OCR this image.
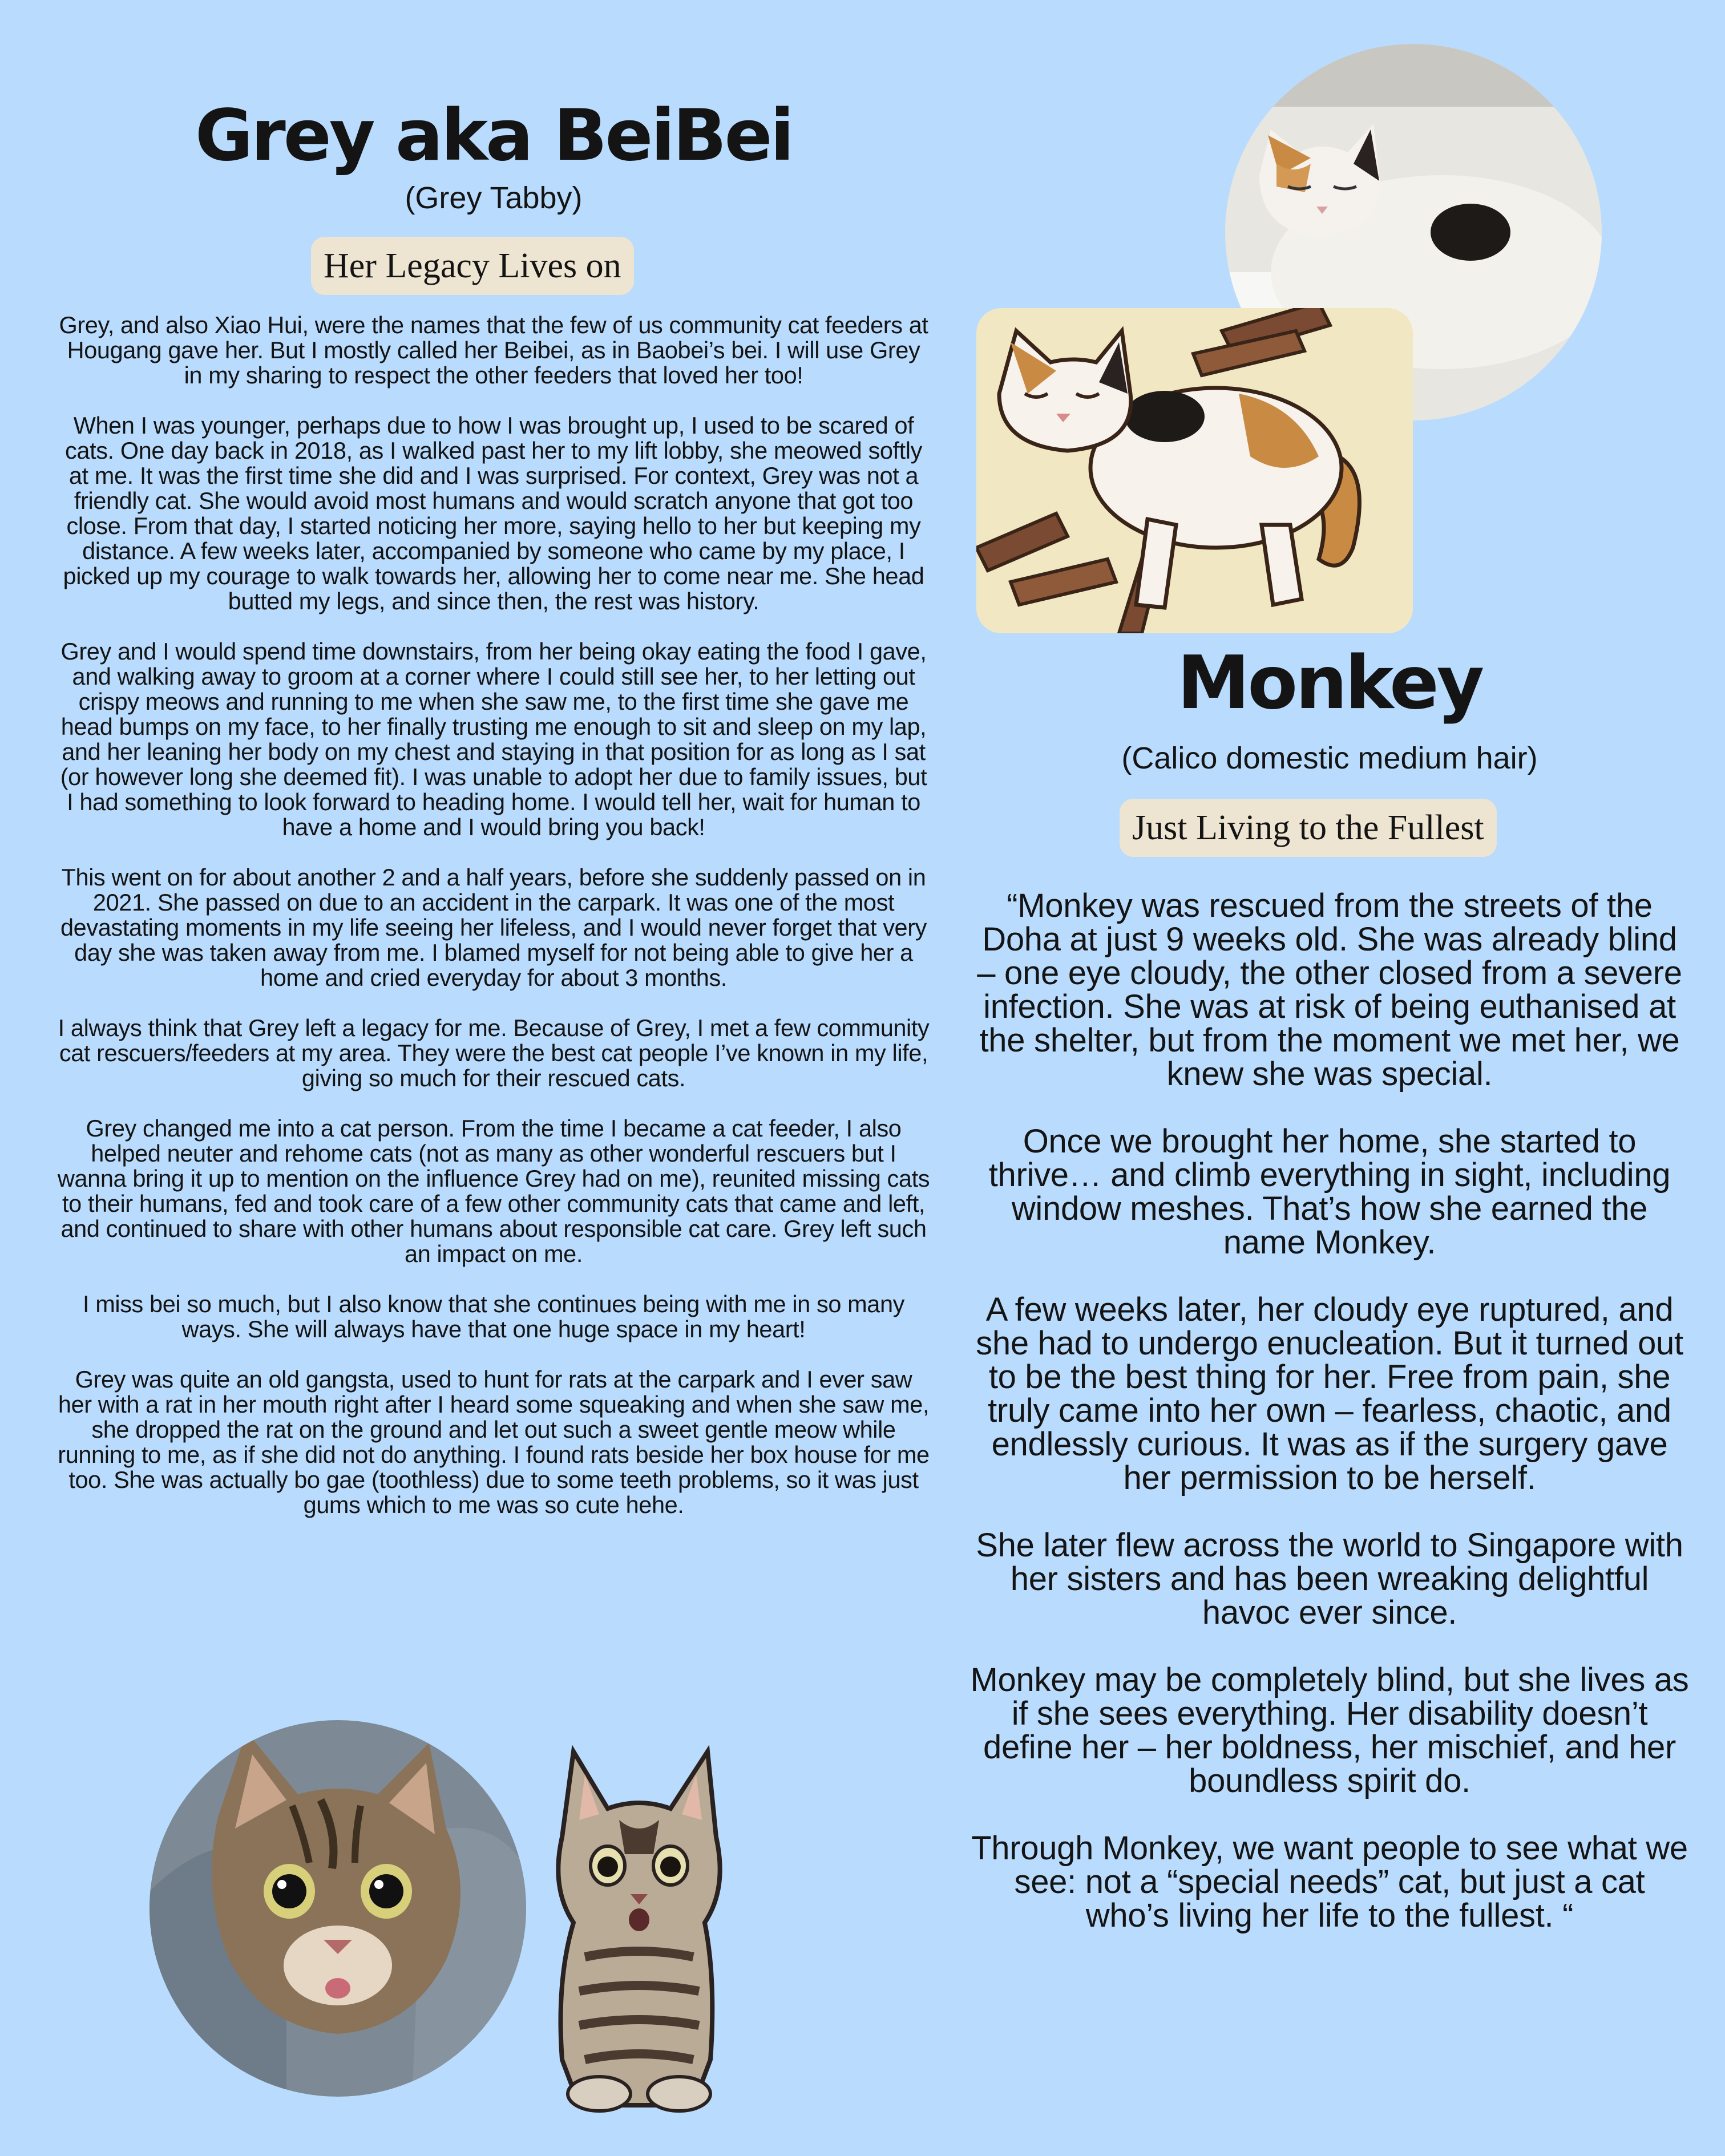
Grey aka BeiBei
(Grey Tabby)
Her Legacy Lives on

Grey, and also Xiao Hui, were the names that the few of us community cat feeders at Hougang gave her. But I mostly called her Beibei, as in Baobei’s bei. I will use Grey in my sharing to respect the other feeders that loved her too!

When I was younger, perhaps due to how I was brought up, I used to be scared of cats. One day back in 2018, as I walked past her to my lift lobby, she meowed softly at me. It was the first time she did and I was surprised. For context, Grey was not a friendly cat. She would avoid most humans and would scratch anyone that got too close. From that day, I started noticing her more, saying hello to her but keeping my distance. A few weeks later, accompanied by someone who came by my place, I picked up my courage to walk towards her, allowing her to come near me. She head butted my legs, and since then, the rest was history.

Grey and I would spend time downstairs, from her being okay eating the food I gave, and walking away to groom at a corner where I could still see her, to her letting out crispy meows and running to me when she saw me, to the first time she gave me head bumps on my face, to her finally trusting me enough to sit and sleep on my lap, and her leaning her body on my chest and staying in that position for as long as I sat (or however long she deemed fit). I was unable to adopt her due to family issues, but I had something to look forward to heading home. I would tell her, wait for human to have a home and I would bring you back!

This went on for about another 2 and a half years, before she suddenly passed on in 2021. She passed on due to an accident in the carpark. It was one of the most devastating moments in my life seeing her lifeless, and I would never forget that very day she was taken away from me. I blamed myself for not being able to give her a home and cried everyday for about 3 months.

I always think that Grey left a legacy for me. Because of Grey, I met a few community cat rescuers/feeders at my area. They were the best cat people I’ve known in my life, giving so much for their rescued cats.

Grey changed me into a cat person. From the time I became a cat feeder, I also helped neuter and rehome cats (not as many as other wonderful rescuers but I wanna bring it up to mention on the influence Grey had on me), reunited missing cats to their humans, fed and took care of a few other community cats that came and left, and continued to share with other humans about responsible cat care. Grey left such an impact on me.

I miss bei so much, but I also know that she continues being with me in so many ways. She will always have that one huge space in my heart!

Grey was quite an old gangsta, used to hunt for rats at the carpark and I ever saw her with a rat in her mouth right after I heard some squeaking and when she saw me, she dropped the rat on the ground and let out such a sweet gentle meow while running to me, as if she did not do anything. I found rats beside her box house for me too. She was actually bo gae (toothless) due to some teeth problems, so it was just gums which to me was so cute hehe.

Monkey
(Calico domestic medium hair)
Just Living to the Fullest

“Monkey was rescued from the streets of the Doha at just 9 weeks old. She was already blind – one eye cloudy, the other closed from a severe infection. She was at risk of being euthanised at the shelter, but from the moment we met her, we knew she was special.

Once we brought her home, she started to thrive… and climb everything in sight, including window meshes. That’s how she earned the name Monkey.

A few weeks later, her cloudy eye ruptured, and she had to undergo enucleation. But it turned out to be the best thing for her. Free from pain, she truly came into her own – fearless, chaotic, and endlessly curious. It was as if the surgery gave her permission to be herself.

She later flew across the world to Singapore with her sisters and has been wreaking delightful havoc ever since.

Monkey may be completely blind, but she lives as if she sees everything. Her disability doesn’t define her – her boldness, her mischief, and her boundless spirit do.

Through Monkey, we want people to see what we see: not a “special needs” cat, but just a cat who’s living her life to the fullest. “
